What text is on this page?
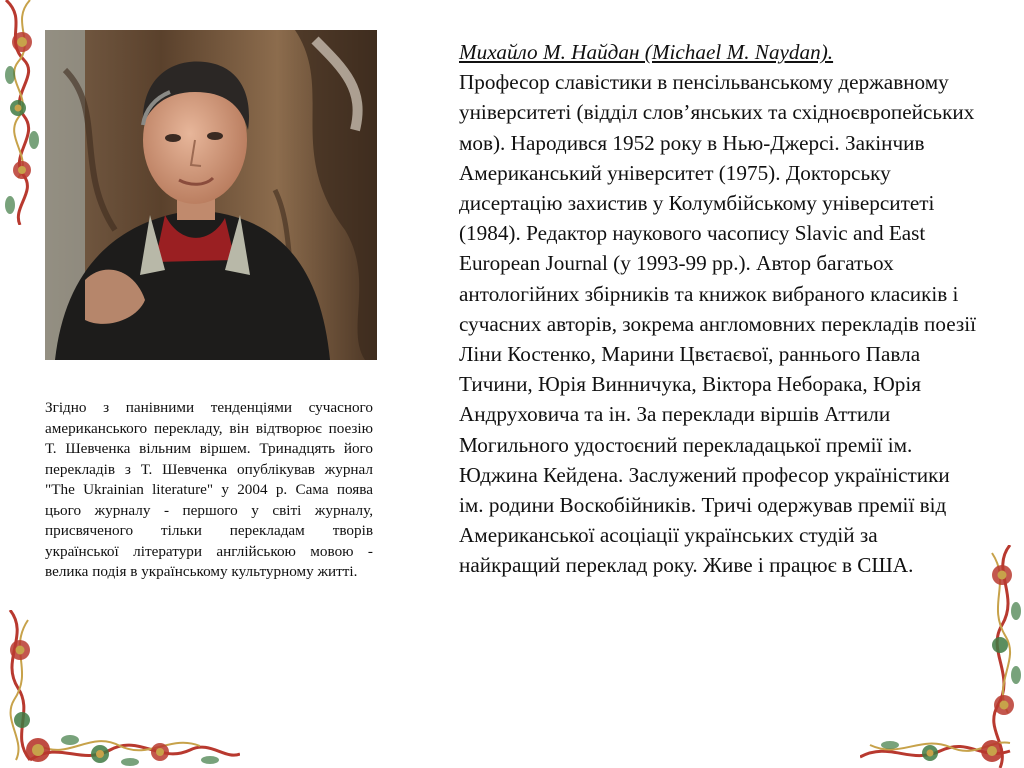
Згідно з панівними тенденціями сучасного американського перекладу, він відтворює поезію Т. Шевченка вільним віршем. Тринадцять його перекладів з Т. Шевченка опублікував журнал "The Ukrainian literature" у 2004 р. Сама поява цього журналу - першого у світі журналу, присвяченого тільки перекладам творів української літератури англійською мовою - велика подія в українському культурному житті.
Михайло М. Найдан (Michael M. Naydan).
Професор славістики в пенсільванському державному університеті (відділ слов’янських та східноєвропейських мов). Народився 1952 року в Нью-Джерсі. Закінчив Американський університет (1975). Докторську дисертацію захистив у Колумбійському університеті (1984). Редактор наукового часопису Slavic and East European Journal (у 1993-99 рр.). Автор багатьох антологійних збірників та книжок вибраного класиків і сучасних авторів, зокрема англомовних перекладів поезії Ліни Костенко, Марини Цвєтаєвої, раннього Павла Тичини, Юрія Винничука, Віктора Неборака, Юрія Андруховича та ін. За переклади віршів Аттили Могильного удостоєний перекладацької премії ім. Юджина Кейдена. Заслужений професор україністики ім. родини Воскобійників. Тричі одержував премії від Американської асоціації українських студій за найкращий переклад року. Живе і працює в США.
